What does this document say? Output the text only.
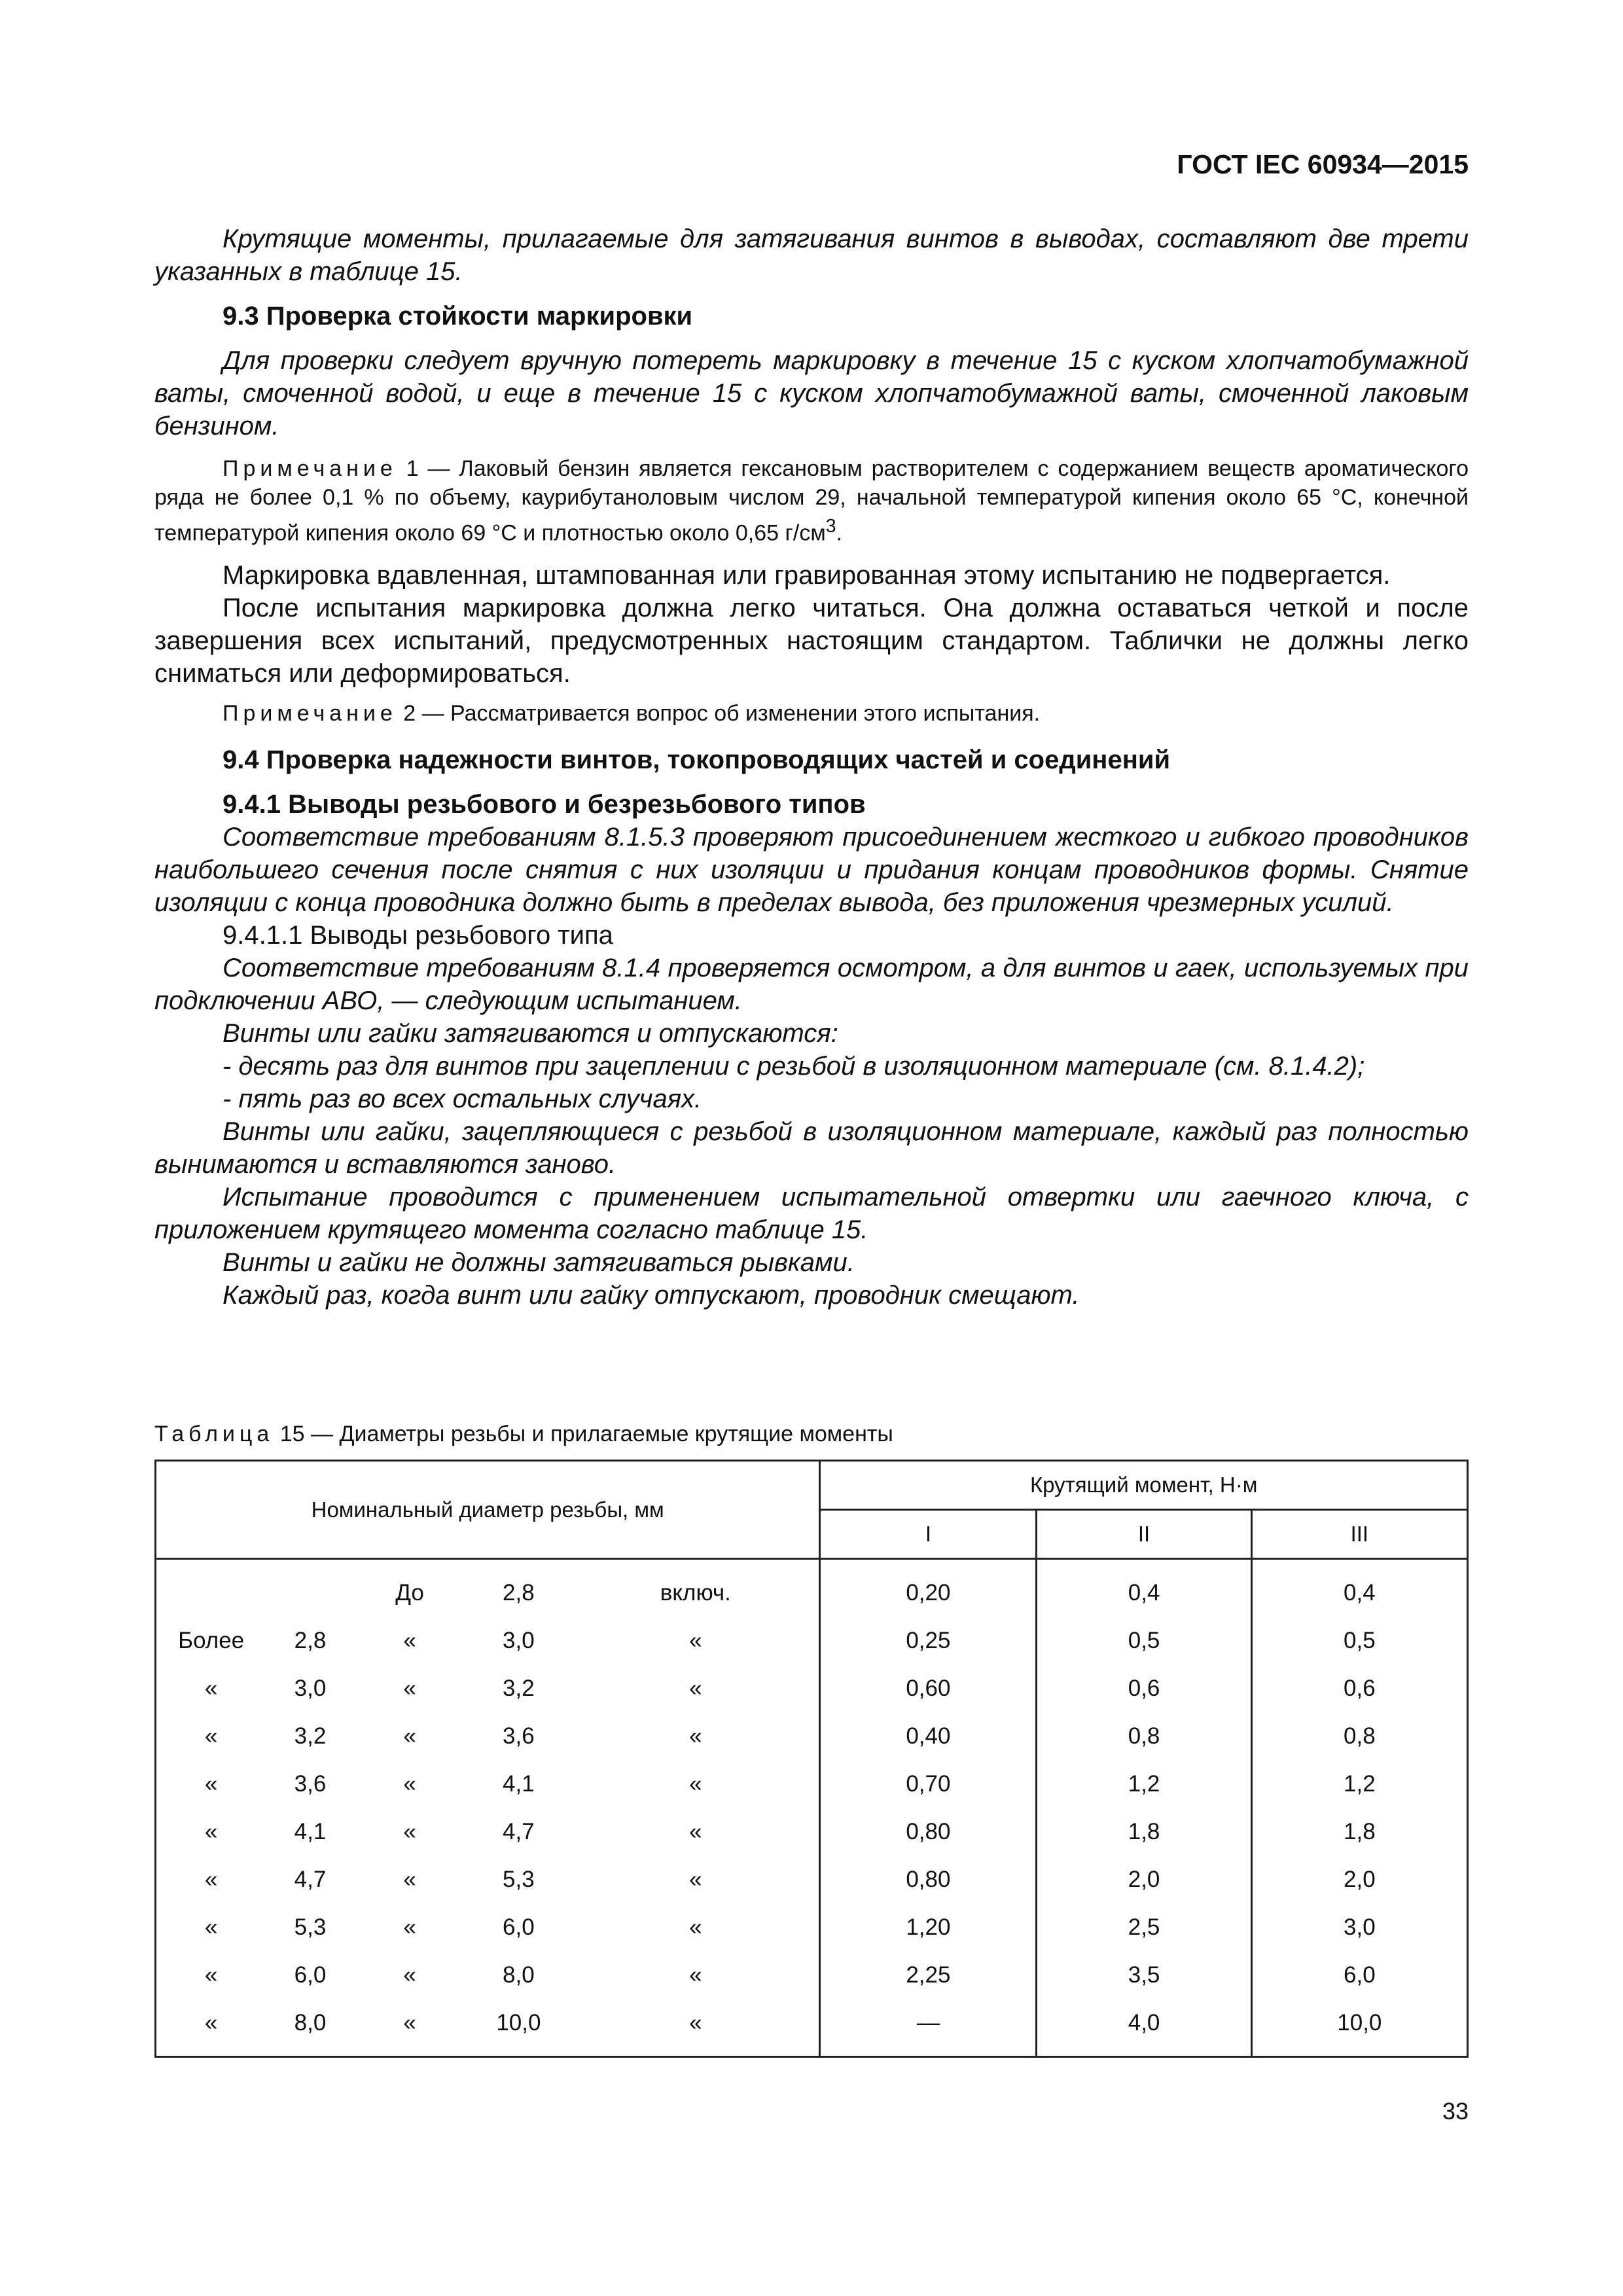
ГОСТ IEC 60934—2015

Крутящие моменты, прилагаемые для затягивания винтов в выводах, составляют две трети указанных в таблице 15.

9.3 Проверка стойкости маркировки

Для проверки следует вручную потереть маркировку в течение 15 с куском хлопчатобумажной ваты, смоченной водой, и еще в течение 15 с куском хлопчатобумажной ваты, смоченной лаковым бензином.

Примечание 1 — Лаковый бензин является гексановым растворителем с содержанием веществ ароматического ряда не более 0,1 % по объему, каурибутаноловым числом 29, начальной температурой кипения около 65 °С, конечной температурой кипения около 69 °С и плотностью около 0,65 $г/см^3$.

Маркировка вдавленная, штампованная или гравированная этому испытанию не подвергается.

После испытания маркировка должна легко читаться. Она должна оставаться четкой и после завершения всех испытаний, предусмотренных настоящим стандартом. Таблички не должны легко сниматься или деформироваться.

Примечание 2 — Рассматривается вопрос об изменении этого испытания.

9.4 Проверка надежности винтов, токопроводящих частей и соединений

9.4.1 Выводы резьбового и безрезьбового типов

Соответствие требованиям 8.1.5.3 проверяют присоединением жесткого и гибкого проводников наибольшего сечения после снятия с них изоляции и придания концам проводников формы. Снятие изоляции с конца проводника должно быть в пределах вывода, без приложения чрезмерных усилий.

9.4.1.1 Выводы резьбового типа

Соответствие требованиям 8.1.4 проверяется осмотром, а для винтов и гаек, используемых при подключении АВО, — следующим испытанием.

Винты или гайки затягиваются и отпускаются:

- десять раз для винтов при зацеплении с резьбой в изоляционном материале (см. 8.1.4.2);

- пять раз во всех остальных случаях.

Винты или гайки, зацепляющиеся с резьбой в изоляционном материале, каждый раз полностью вынимаются и вставляются заново.

Испытание проводится с применением испытательной отвертки или гаечного ключа, с приложением крутящего момента согласно таблице 15.

Винты и гайки не должны затягиваться рывками.

Каждый раз, когда винт или гайку отпускают, проводник смещают.

Таблица 15 — Диаметры резьбы и прилагаемые крутящие моменты
Номинальный диаметр резьбы, мм					Крутящий момент, Н·м		
					I	II	III
		До	2,8	включ.	0,20	0,4	0,4
Более	2,8	«	3,0	«	0,25	0,5	0,5
«	3,0	«	3,2	«	0,60	0,6	0,6
«	3,2	«	3,6	«	0,40	0,8	0,8
«	3,6	«	4,1	«	0,70	1,2	1,2
«	4,1	«	4,7	«	0,80	1,8	1,8
«	4,7	«	5,3	«	0,80	2,0	2,0
«	5,3	«	6,0	«	1,20	2,5	3,0
«	6,0	«	8,0	«	2,25	3,5	6,0
«	8,0	«	10,0	«	—	4,0	10,0
33
